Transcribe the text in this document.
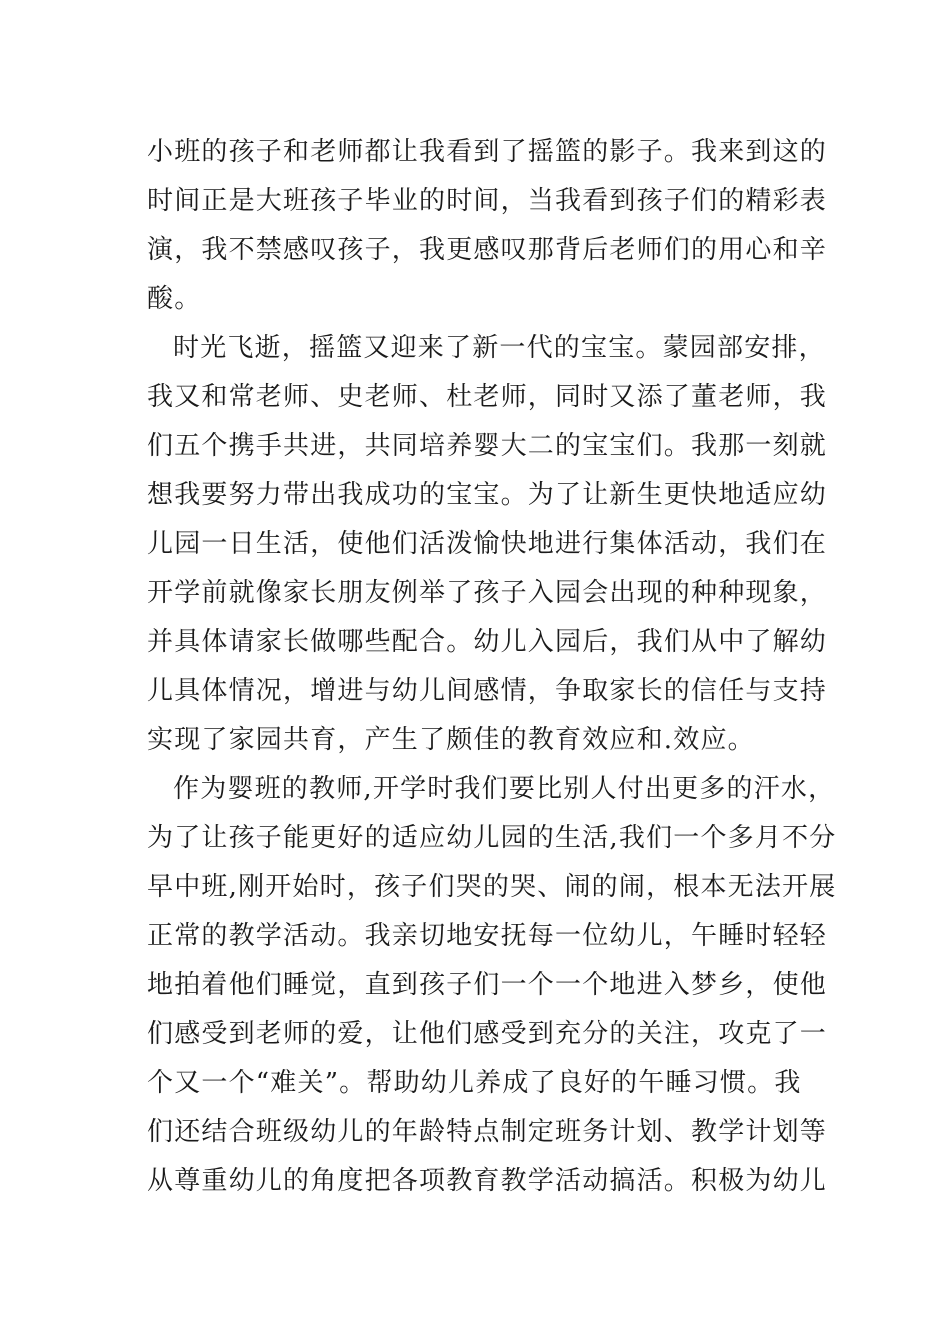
小班的孩子和老师都让我看到了摇篮的影子。我来到这的
时间正是大班孩子毕业的时间，当我看到孩子们的精彩表
演，我不禁感叹孩子，我更感叹那背后老师们的用心和辛
酸。
时光飞逝，摇篮又迎来了新一代的宝宝。蒙园部安排，
我又和常老师、史老师、杜老师，同时又添了董老师，我
们五个携手共进，共同培养婴大二的宝宝们。我那一刻就
想我要努力带出我成功的宝宝。为了让新生更快地适应幼
儿园一日生活，使他们活泼愉快地进行集体活动，我们在
开学前就像家长朋友例举了孩子入园会出现的种种现象，
并具体请家长做哪些配合。幼儿入园后，我们从中了解幼
儿具体情况，增进与幼儿间感情，争取家长的信任与支持
实现了家园共育，产生了颇佳的教育效应和.效应。
作为婴班的教师,开学时我们要比别人付出更多的汗水，
为了让孩子能更好的适应幼儿园的生活,我们一个多月不分
早中班,刚开始时，孩子们哭的哭、闹的闹，根本无法开展
正常的教学活动。我亲切地安抚每一位幼儿，午睡时轻轻
地拍着他们睡觉，直到孩子们一个一个地进入梦乡，使他
们感受到老师的爱，让他们感受到充分的关注，攻克了一
个又一个“难关”。帮助幼儿养成了良好的午睡习惯。我
们还结合班级幼儿的年龄特点制定班务计划、教学计划等
从尊重幼儿的角度把各项教育教学活动搞活。积极为幼儿
